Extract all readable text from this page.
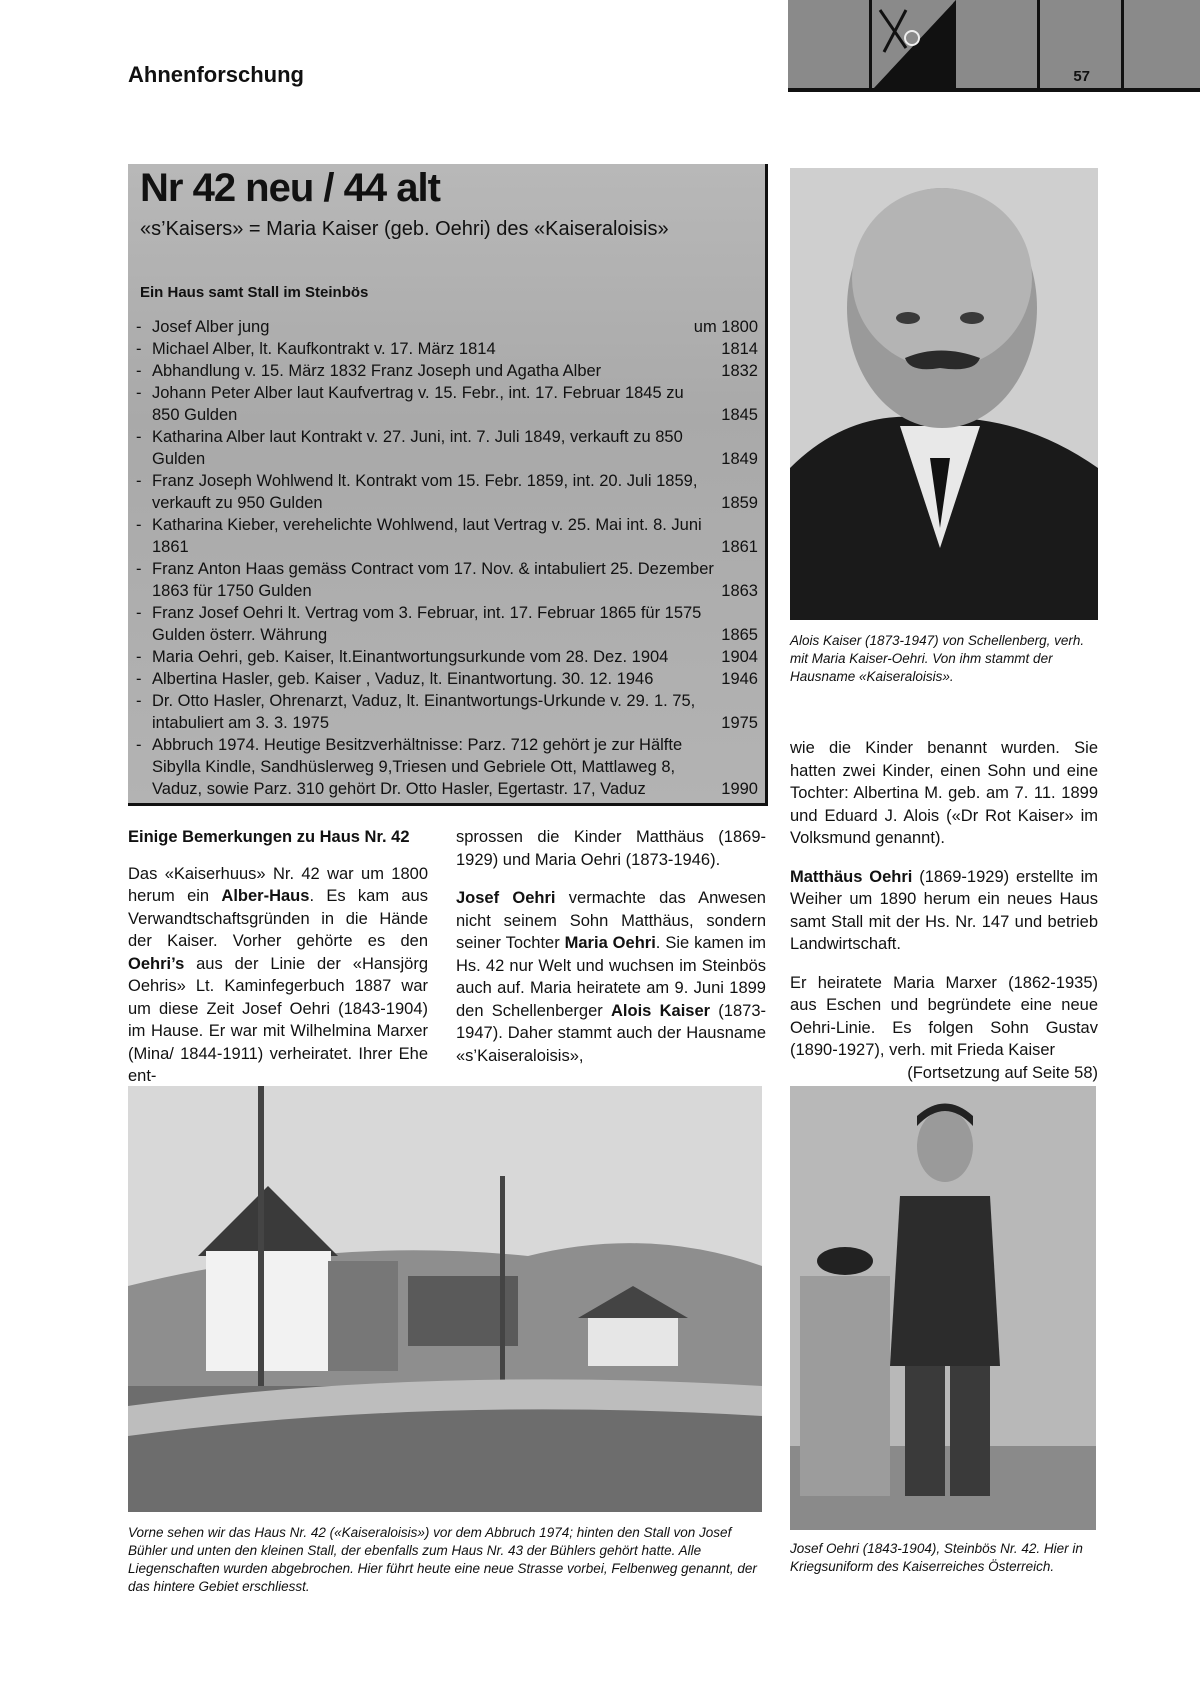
Ahnenforschung	57
Nr 42 neu / 44 alt
«s’Kaisers» = Maria Kaiser (geb. Oehri) des «Kaiseraloisis»
Ein Haus samt Stall im Steinbös
- Josef Alber jung	um 1800
- Michael Alber, lt. Kaufkontrakt v. 17. März 1814	1814
- Abhandlung v. 15. März 1832 Franz Joseph und Agatha Alber	1832
- Johann Peter Alber laut Kaufvertrag v. 15. Febr., int. 17. Februar 1845 zu 850 Gulden	1845
- Katharina Alber laut Kontrakt v. 27. Juni, int. 7. Juli 1849, verkauft zu 850 Gulden	1849
- Franz Joseph Wohlwend lt. Kontrakt vom 15. Febr. 1859, int. 20. Juli 1859, verkauft zu 950 Gulden	1859
- Katharina Kieber, verehelichte Wohlwend, laut Vertrag v. 25. Mai int. 8. Juni 1861	1861
- Franz Anton Haas gemäss Contract vom 17. Nov. & intabuliert 25. Dezember 1863 für 1750 Gulden	1863
- Franz Josef Oehri lt. Vertrag vom 3. Februar, int. 17. Februar 1865 für 1575 Gulden österr. Währung	1865
- Maria Oehri, geb. Kaiser, lt.Einantwortungsurkunde vom 28. Dez. 1904	1904
- Albertina Hasler, geb. Kaiser , Vaduz, lt. Einantwortung. 30. 12. 1946	1946
- Dr. Otto Hasler, Ohrenarzt, Vaduz, lt. Einantwortungs-Urkunde v. 29. 1. 75, intabuliert am 3. 3. 1975	1975
- Abbruch 1974. Heutige Besitzverhältnisse: Parz. 712 gehört je zur Hälfte Sibylla Kindle, Sandhüslerweg 9,Triesen und Gebriele Ott, Mattlaweg 8, Vaduz, sowie Parz. 310 gehört Dr. Otto Hasler, Egertastr. 17, Vaduz	1990
Alois Kaiser (1873-1947) von Schellenberg, verh. mit Maria Kaiser-Oehri. Von ihm stammt der Hausname «Kaiseraloisis».
Einige Bemerkungen zu Haus Nr. 42

Das «Kaiserhuus» Nr. 42 war um 1800 herum ein Alber-Haus. Es kam aus Verwandtschaftsgründen in die Hände der Kaiser. Vorher gehörte es den Oehri’s aus der Linie der «Hansjörg Oehris» Lt. Kaminfegerbuch 1887 war um diese Zeit Josef Oehri (1843-1904) im Hause. Er war mit Wilhelmina Marxer (Mina/ 1844-1911) verheiratet. Ihrer Ehe ent-

sprossen die Kinder Matthäus (1869-1929) und Maria Oehri (1873-1946).

Josef Oehri vermachte das Anwesen nicht seinem Sohn Matthäus, sondern seiner Tochter Maria Oehri. Sie kamen im Hs. 42 nur Welt und wuchsen im Steinbös auch auf. Maria heiratete am 9. Juni 1899 den Schellenberger Alois Kaiser (1873-1947). Daher stammt auch der Hausname «s’Kaiseraloisis»,

wie die Kinder benannt wurden. Sie hatten zwei Kinder, einen Sohn und eine Tochter: Albertina M. geb. am 7. 11. 1899 und Eduard J. Alois («Dr Rot Kaiser» im Volksmund genannt).

Matthäus Oehri (1869-1929) erstellte im Weiher um 1890 herum ein neues Haus samt Stall mit der Hs. Nr. 147 und betrieb Landwirtschaft.

Er heiratete Maria Marxer (1862-1935) aus Eschen und begründete eine neue Oehri-Linie. Es folgen Sohn Gustav (1890-1927), verh. mit Frieda Kaiser

(Fortsetzung auf Seite 58)
Vorne sehen wir das Haus Nr. 42 («Kaiseraloisis») vor dem Abbruch 1974; hinten den Stall von Josef Bühler und unten den kleinen Stall, der ebenfalls zum Haus Nr. 43 der Bühlers gehört hatte. Alle Liegenschaften wurden abgebrochen. Hier führt heute eine neue Strasse vorbei, Felbenweg genannt, der das hintere Gebiet erschliesst.
Josef Oehri (1843-1904), Steinbös Nr. 42. Hier in Kriegsuniform des Kaiserreiches Österreich.
